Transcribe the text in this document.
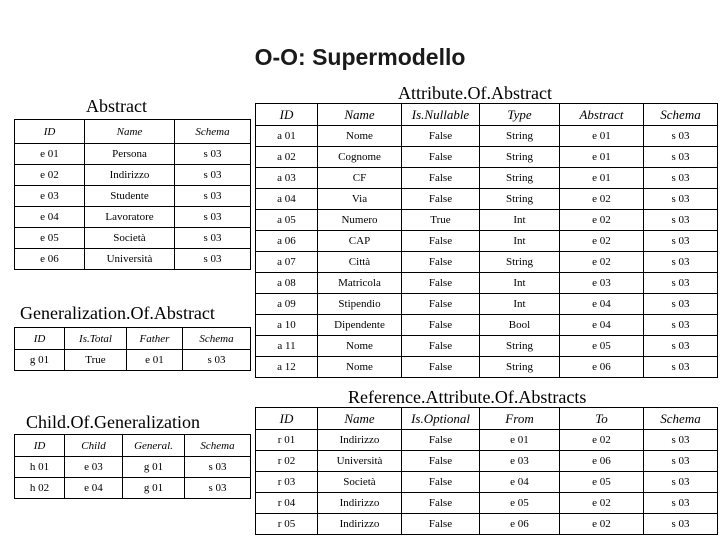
O-O: Supermodello
Abstract
ID	Name	Schema
e 01	Persona	s 03
e 02	Indirizzo	s 03
e 03	Studente	s 03
e 04	Lavoratore	s 03
e 05	Società	s 03
e 06	Università	s 03
Attribute.Of.Abstract
ID	Name	Is.Nullable	Type	Abstract	Schema
a 01	Nome	False	String	e 01	s 03
a 02	Cognome	False	String	e 01	s 03
a 03	CF	False	String	e 01	s 03
a 04	Via	False	String	e 02	s 03
a 05	Numero	True	Int	e 02	s 03
a 06	CAP	False	Int	e 02	s 03
a 07	Città	False	String	e 02	s 03
a 08	Matricola	False	Int	e 03	s 03
a 09	Stipendio	False	Int	e 04	s 03
a 10	Dipendente	False	Bool	e 04	s 03
a 11	Nome	False	String	e 05	s 03
a 12	Nome	False	String	e 06	s 03
Generalization.Of.Abstract
ID	Is.Total	Father	Schema
g 01	True	e 01	s 03
Child.Of.Generalization
ID	Child	General.	Schema
h 01	e 03	g 01	s 03
h 02	e 04	g 01	s 03
Reference.Attribute.Of.Abstracts
ID	Name	Is.Optional	From	To	Schema
r 01	Indirizzo	False	e 01	e 02	s 03
r 02	Università	False	e 03	e 06	s 03
r 03	Società	False	e 04	e 05	s 03
r 04	Indirizzo	False	e 05	e 02	s 03
r 05	Indirizzo	False	e 06	e 02	s 03
